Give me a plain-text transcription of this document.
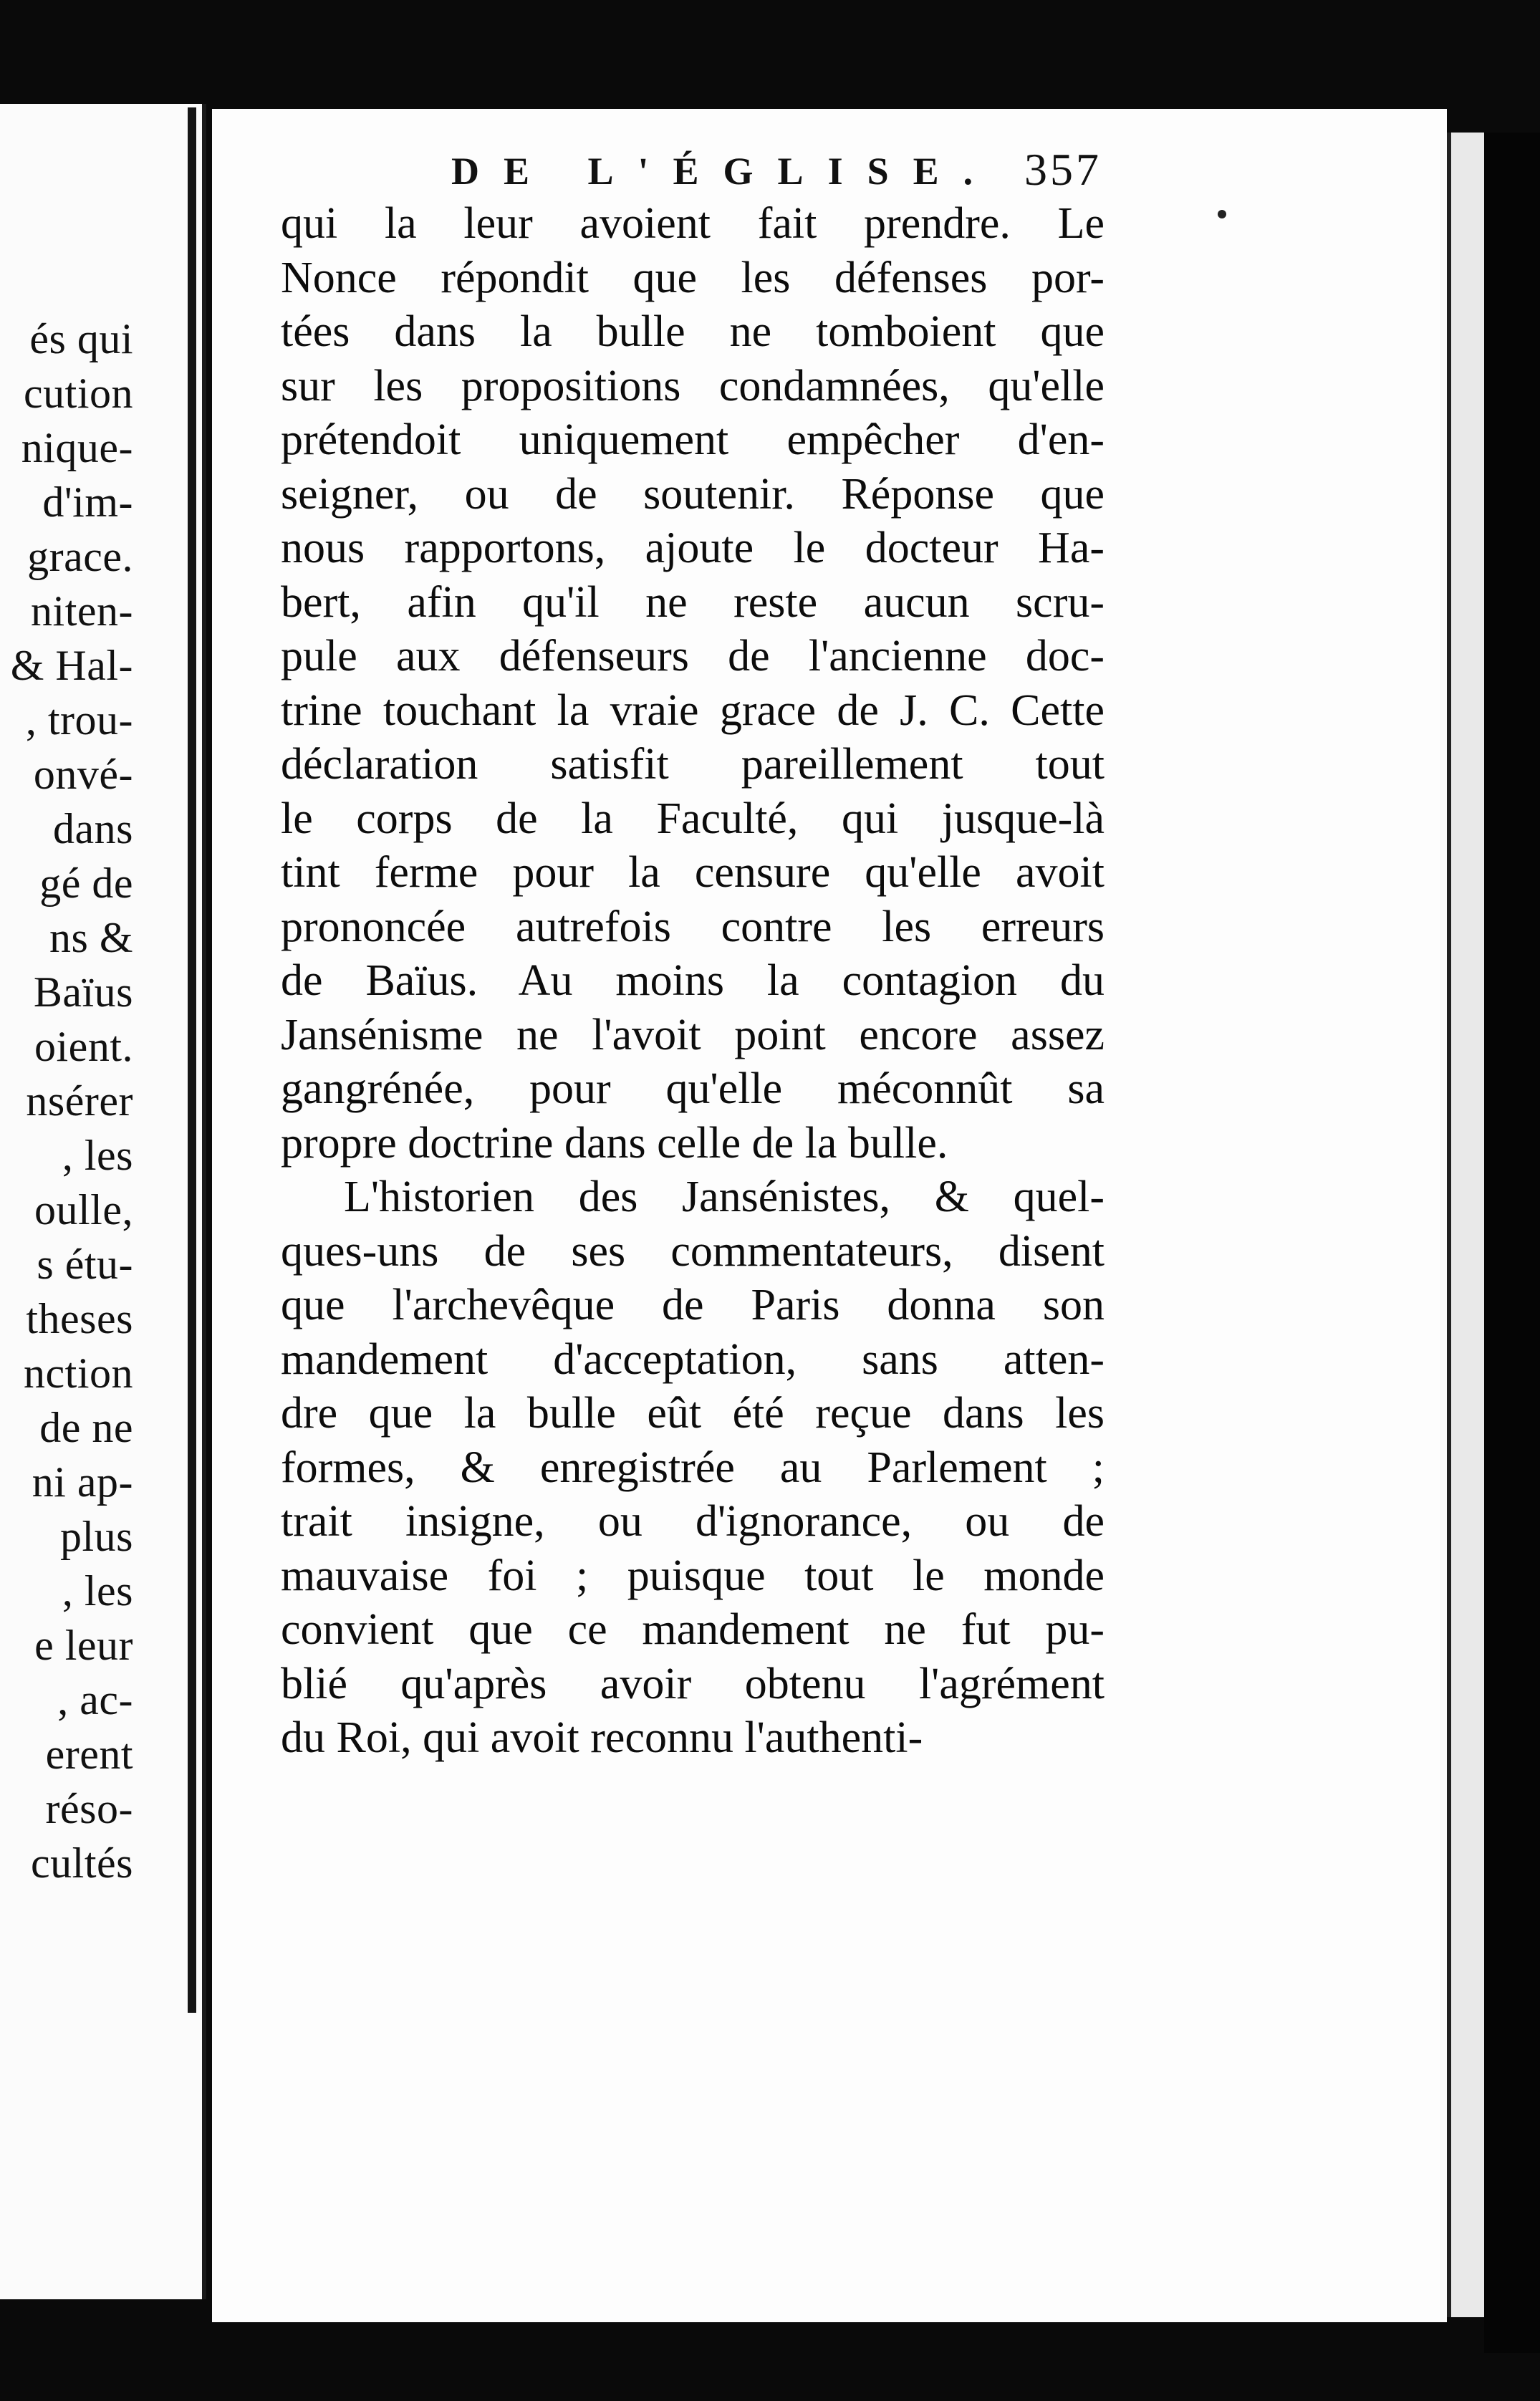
és qui
cution
nique-
d'im-
grace.
niten-
& Hal-
, trou-
onvé-
dans
gé de
ns &
Baïus
oient.
nsérer
, les
oulle,
s étu-
theses
nction
de ne
ni ap-
plus
, les
e leur
, ac-
erent
réso-
cultés
DE L'ÉGLISE. 357
qui la leur avoient fait prendre. Le
Nonce répondit que les défenses por-
tées dans la bulle ne tomboient que
sur les propositions condamnées, qu'elle
prétendoit uniquement empêcher d'en-
seigner, ou de soutenir. Réponse que
nous rapportons, ajoute le docteur Ha-
bert, afin qu'il ne reste aucun scru-
pule aux défenseurs de l'ancienne doc-
trine touchant la vraie grace de J. C. Cette
déclaration satisfit pareillement tout
le corps de la Faculté, qui jusque-là
tint ferme pour la censure qu'elle avoit
prononcée autrefois contre les erreurs
de Baïus. Au moins la contagion du
Jansénisme ne l'avoit point encore assez
gangrénée, pour qu'elle méconnût sa
propre doctrine dans celle de la bulle.
L'historien des Jansénistes, & quel-
ques-uns de ses commentateurs, disent
que l'archevêque de Paris donna son
mandement d'acceptation, sans atten-
dre que la bulle eût été reçue dans les
formes, & enregistrée au Parlement ;
trait insigne, ou d'ignorance, ou de
mauvaise foi ; puisque tout le monde
convient que ce mandement ne fut pu-
blié qu'après avoir obtenu l'agrément
du Roi, qui avoit reconnu l'authenti-
